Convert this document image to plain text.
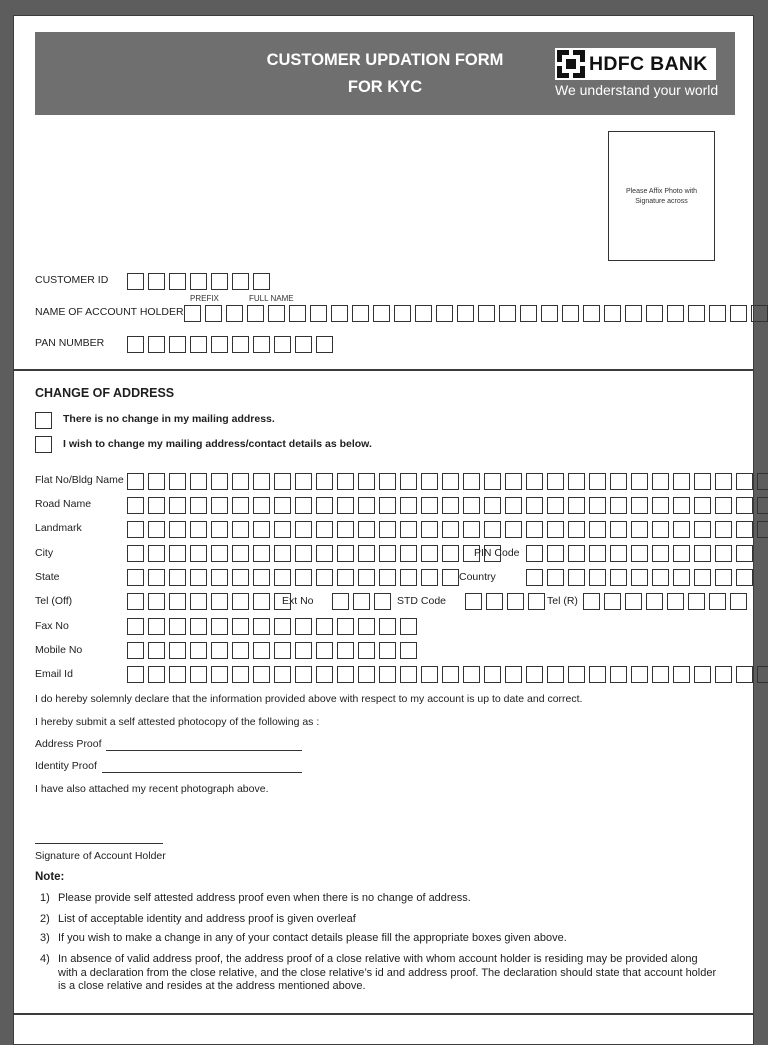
CUSTOMER UPDATION FORM
FOR KYC
HDFC BANK
We understand your world
Please Affix Photo with Signature across
CUSTOMER ID
PREFIX	FULL NAME
NAME OF ACCOUNT HOLDER
PAN NUMBER
CHANGE OF ADDRESS
There is no change in my mailing address.
I wish to change my mailing address/contact details as below.
Flat No/Bldg Name
Road Name
Landmark
City	PIN Code
State	Country
Tel (Off)	Ext No	STD Code	Tel (R)
Fax No
Mobile No
Email Id
I do hereby solemnly declare that the information provided above with respect to my account is up to date and correct.
I hereby submit a self attested photocopy of the following as :
Address Proof
Identity Proof
I have also attached my recent photograph above.
Signature of Account Holder
Note:
1) Please provide self attested address proof even when there is no change of address.
2) List of acceptable identity and address proof is given overleaf
3) If you wish to make a change in any of your contact details please fill the appropriate boxes given above.
4) In absence of valid address proof, the address proof of a close relative with whom account holder is residing may be provided along with a declaration from the close relative, and the close relative’s id and address proof. The declaration should state that account holder is a close relative and resides at the address mentioned above.
